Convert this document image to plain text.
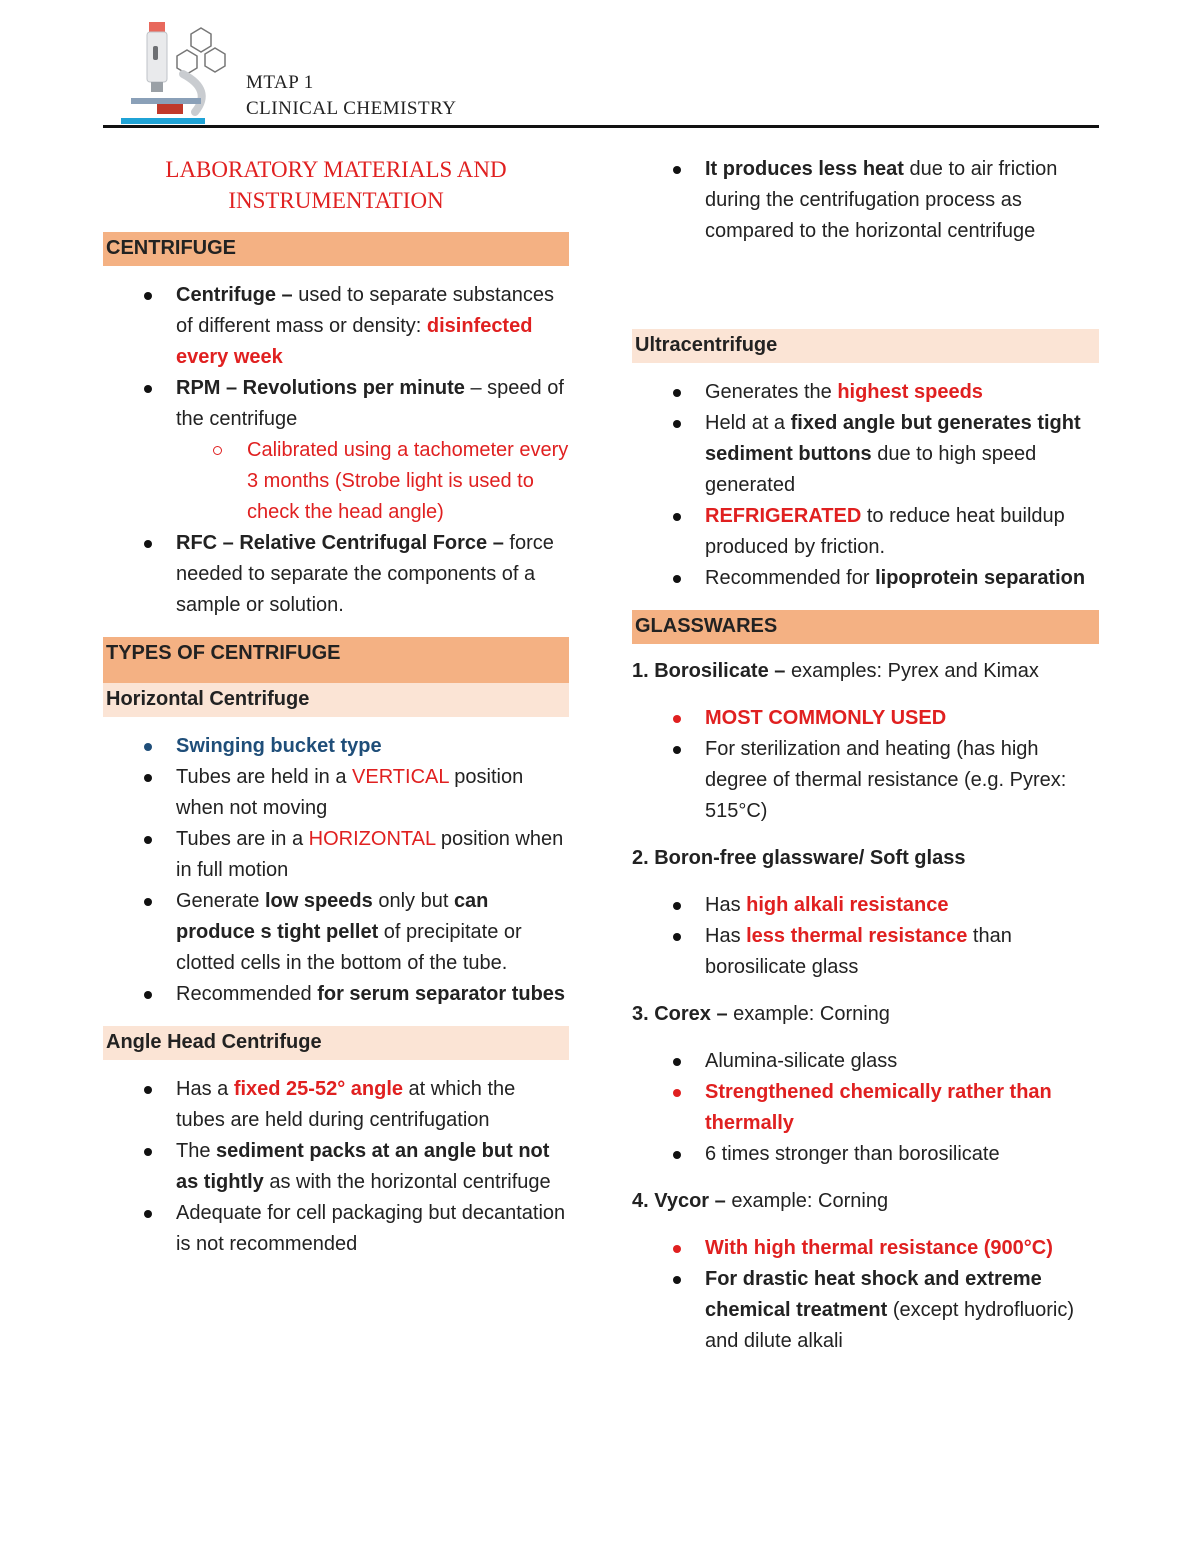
MTAP 1
CLINICAL CHEMISTRY
LABORATORY MATERIALS AND INSTRUMENTATION
CENTRIFUGE
Centrifuge – used to separate substances of different mass or density: disinfected every week
RPM – Revolutions per minute – speed of the centrifuge
Calibrated using a tachometer every 3 months (Strobe light is used to check the head angle)
RFC – Relative Centrifugal Force – force needed to separate the components of a sample or solution.
TYPES OF CENTRIFUGE
Horizontal Centrifuge
Swinging bucket type
Tubes are held in a VERTICAL position when not moving
Tubes are in a HORIZONTAL position when in full motion
Generate low speeds only but can produce s tight pellet of precipitate or clotted cells in the bottom of the tube.
Recommended for serum separator tubes
Angle Head Centrifuge
Has a fixed 25-52° angle at which the tubes are held during centrifugation
The sediment packs at an angle but not as tightly as with the horizontal centrifuge
Adequate for cell packaging but decantation is not recommended
It produces less heat due to air friction during the centrifugation process as compared to the horizontal centrifuge
Ultracentrifuge
Generates the highest speeds
Held at a fixed angle but generates tight sediment buttons due to high speed generated
REFRIGERATED to reduce heat buildup produced by friction.
Recommended for lipoprotein separation
GLASSWARES
1. Borosilicate – examples: Pyrex and Kimax
MOST COMMONLY USED
For sterilization and heating (has high degree of thermal resistance (e.g. Pyrex: 515°C)
2. Boron-free glassware/ Soft glass
Has high alkali resistance
Has less thermal resistance than borosilicate glass
3. Corex – example: Corning
Alumina-silicate glass
Strengthened chemically rather than thermally
6 times stronger than borosilicate
4. Vycor – example: Corning
With high thermal resistance (900°C)
For drastic heat shock and extreme chemical treatment (except hydrofluoric) and dilute alkali
